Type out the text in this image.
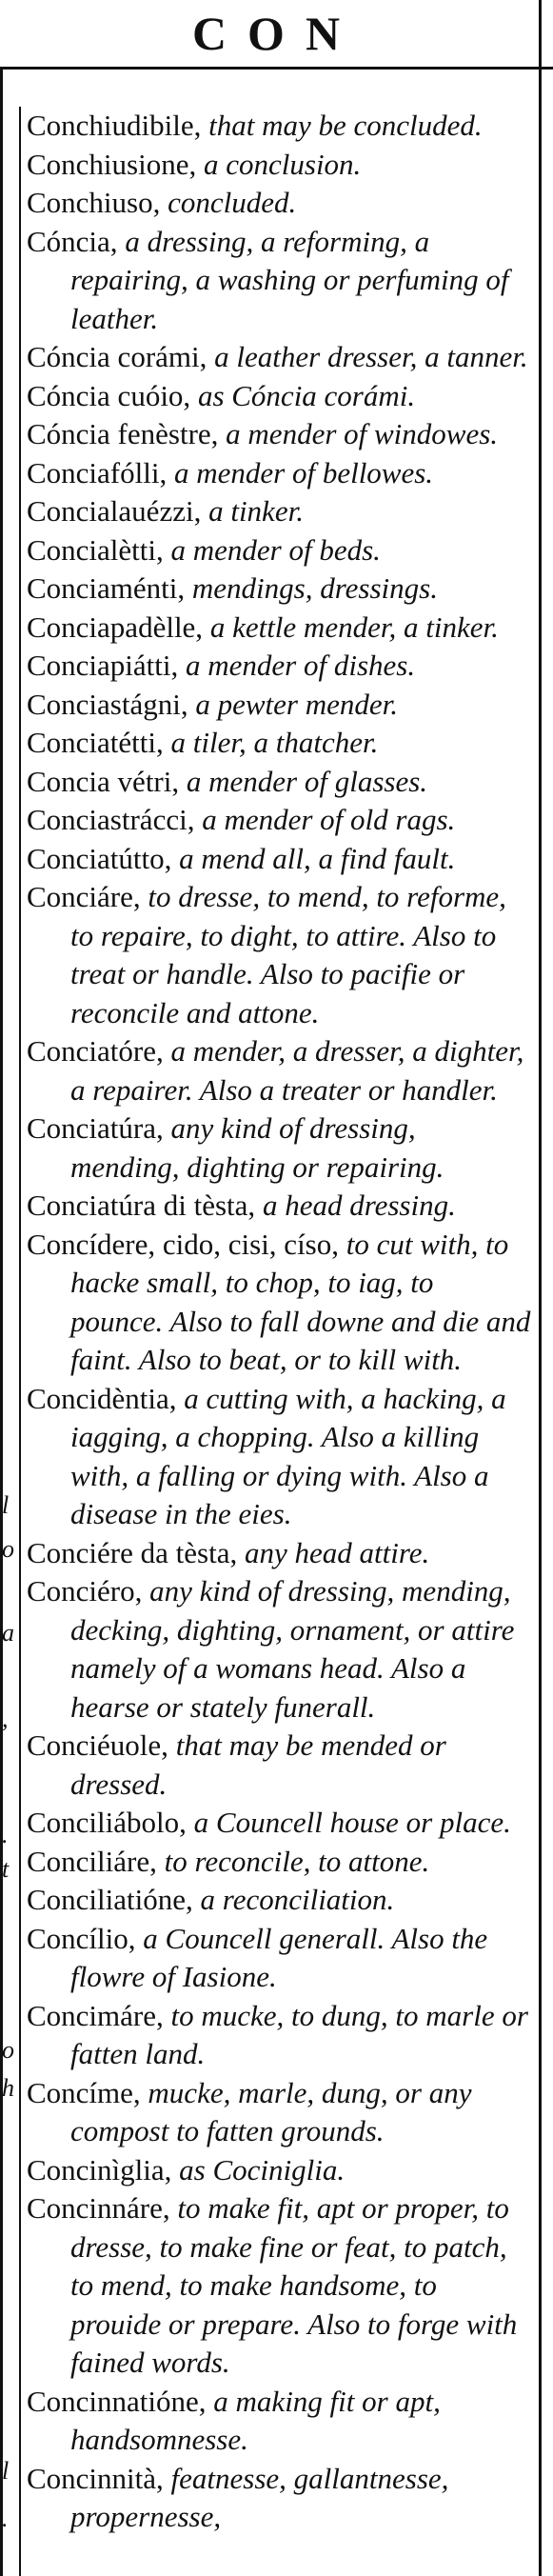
CON
l
o
a
,
.
t
o
h
l
.

Conchiudibile, that may be concluded.

Conchiusione, a conclusion.

Conchiuso, concluded.

Cóncia, a dressing, a reforming, a repairing, a washing or perfuming of leather.

Cóncia corámi, a leather dresser, a tanner.

Cóncia cuóio, as Cóncia corámi.

Cóncia fenèstre, a mender of windowes.

Conciafólli, a mender of bellowes.

Concialauézzi, a tinker.

Concialètti, a mender of beds.

Conciaménti, mendings, dressings.

Conciapadèlle, a kettle mender, a tinker.

Conciapiátti, a mender of dishes.

Conciastágni, a pewter mender.

Conciatétti, a tiler, a thatcher.

Concia vétri, a mender of glasses.

Conciastrácci, a mender of old rags.

Conciatútto, a mend all, a find fault.

Conciáre, to dresse, to mend, to reforme, to repaire, to dight, to attire. Also to treat or handle. Also to pacifie or reconcile and attone.

Conciatóre, a mender, a dresser, a dighter, a repairer. Also a treater or handler.

Conciatúra, any kind of dressing, mending, dighting or repairing.

Conciatúra di tèsta, a head dressing.

Concídere, cido, cisi, císo, to cut with, to hacke small, to chop, to iag, to pounce. Also to fall downe and die and faint. Also to beat, or to kill with.

Concidèntia, a cutting with, a hacking, a iagging, a chopping. Also a killing with, a falling or dying with. Also a disease in the eies.

Conciére da tèsta, any head attire.

Conciéro, any kind of dressing, mending, decking, dighting, ornament, or attire namely of a womans head. Also a hearse or stately funerall.

Conciéuole, that may be mended or dressed.

Conciliábolo, a Councell house or place.

Conciliáre, to reconcile, to attone.

Conciliatióne, a reconciliation.

Concílio, a Councell generall. Also the flowre of Iasione.

Concimáre, to mucke, to dung, to marle or fatten land.

Concíme, mucke, marle, dung, or any compost to fatten grounds.

Concinìglia, as Cociniglia.

Concinnáre, to make fit, apt or proper, to dresse, to make fine or feat, to patch, to mend, to make handsome, to prouide or prepare. Also to forge with fained words.

Concinnatióne, a making fit or apt, handsomnesse.

Concinnità, featnesse, gallantnesse, propernesse,
